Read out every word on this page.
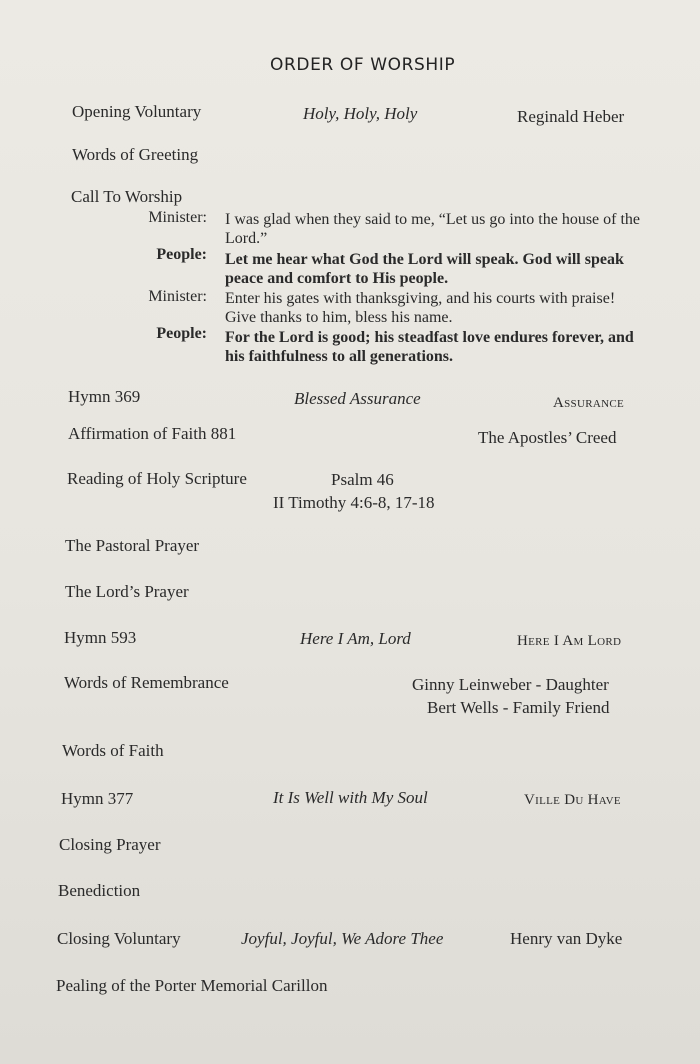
ORDER OF WORSHIP
Opening Voluntary	Holy, Holy, Holy	Reginald Heber
Words of Greeting
Call To Worship
Minister: I was glad when they said to me, “Let us go into the house of the Lord.”
People: Let me hear what God the Lord will speak. God will speak peace and comfort to His people.
Minister: Enter his gates with thanksgiving, and his courts with praise! Give thanks to him, bless his name.
People: For the Lord is good; his steadfast love endures forever, and his faithfulness to all generations.
Hymn 369	Blessed Assurance	Assurance
Affirmation of Faith 881	The Apostles’ Creed
Reading of Holy Scripture	Psalm 46
II Timothy 4:6-8, 17-18
The Pastoral Prayer
The Lord’s Prayer
Hymn 593	Here I Am, Lord	Here I Am Lord
Words of Remembrance	Ginny Leinweber - Daughter
Bert Wells - Family Friend
Words of Faith
Hymn 377	It Is Well with My Soul	Ville Du Have
Closing Prayer
Benediction
Closing Voluntary	Joyful, Joyful, We Adore Thee	Henry van Dyke
Pealing of the Porter Memorial Carillon
